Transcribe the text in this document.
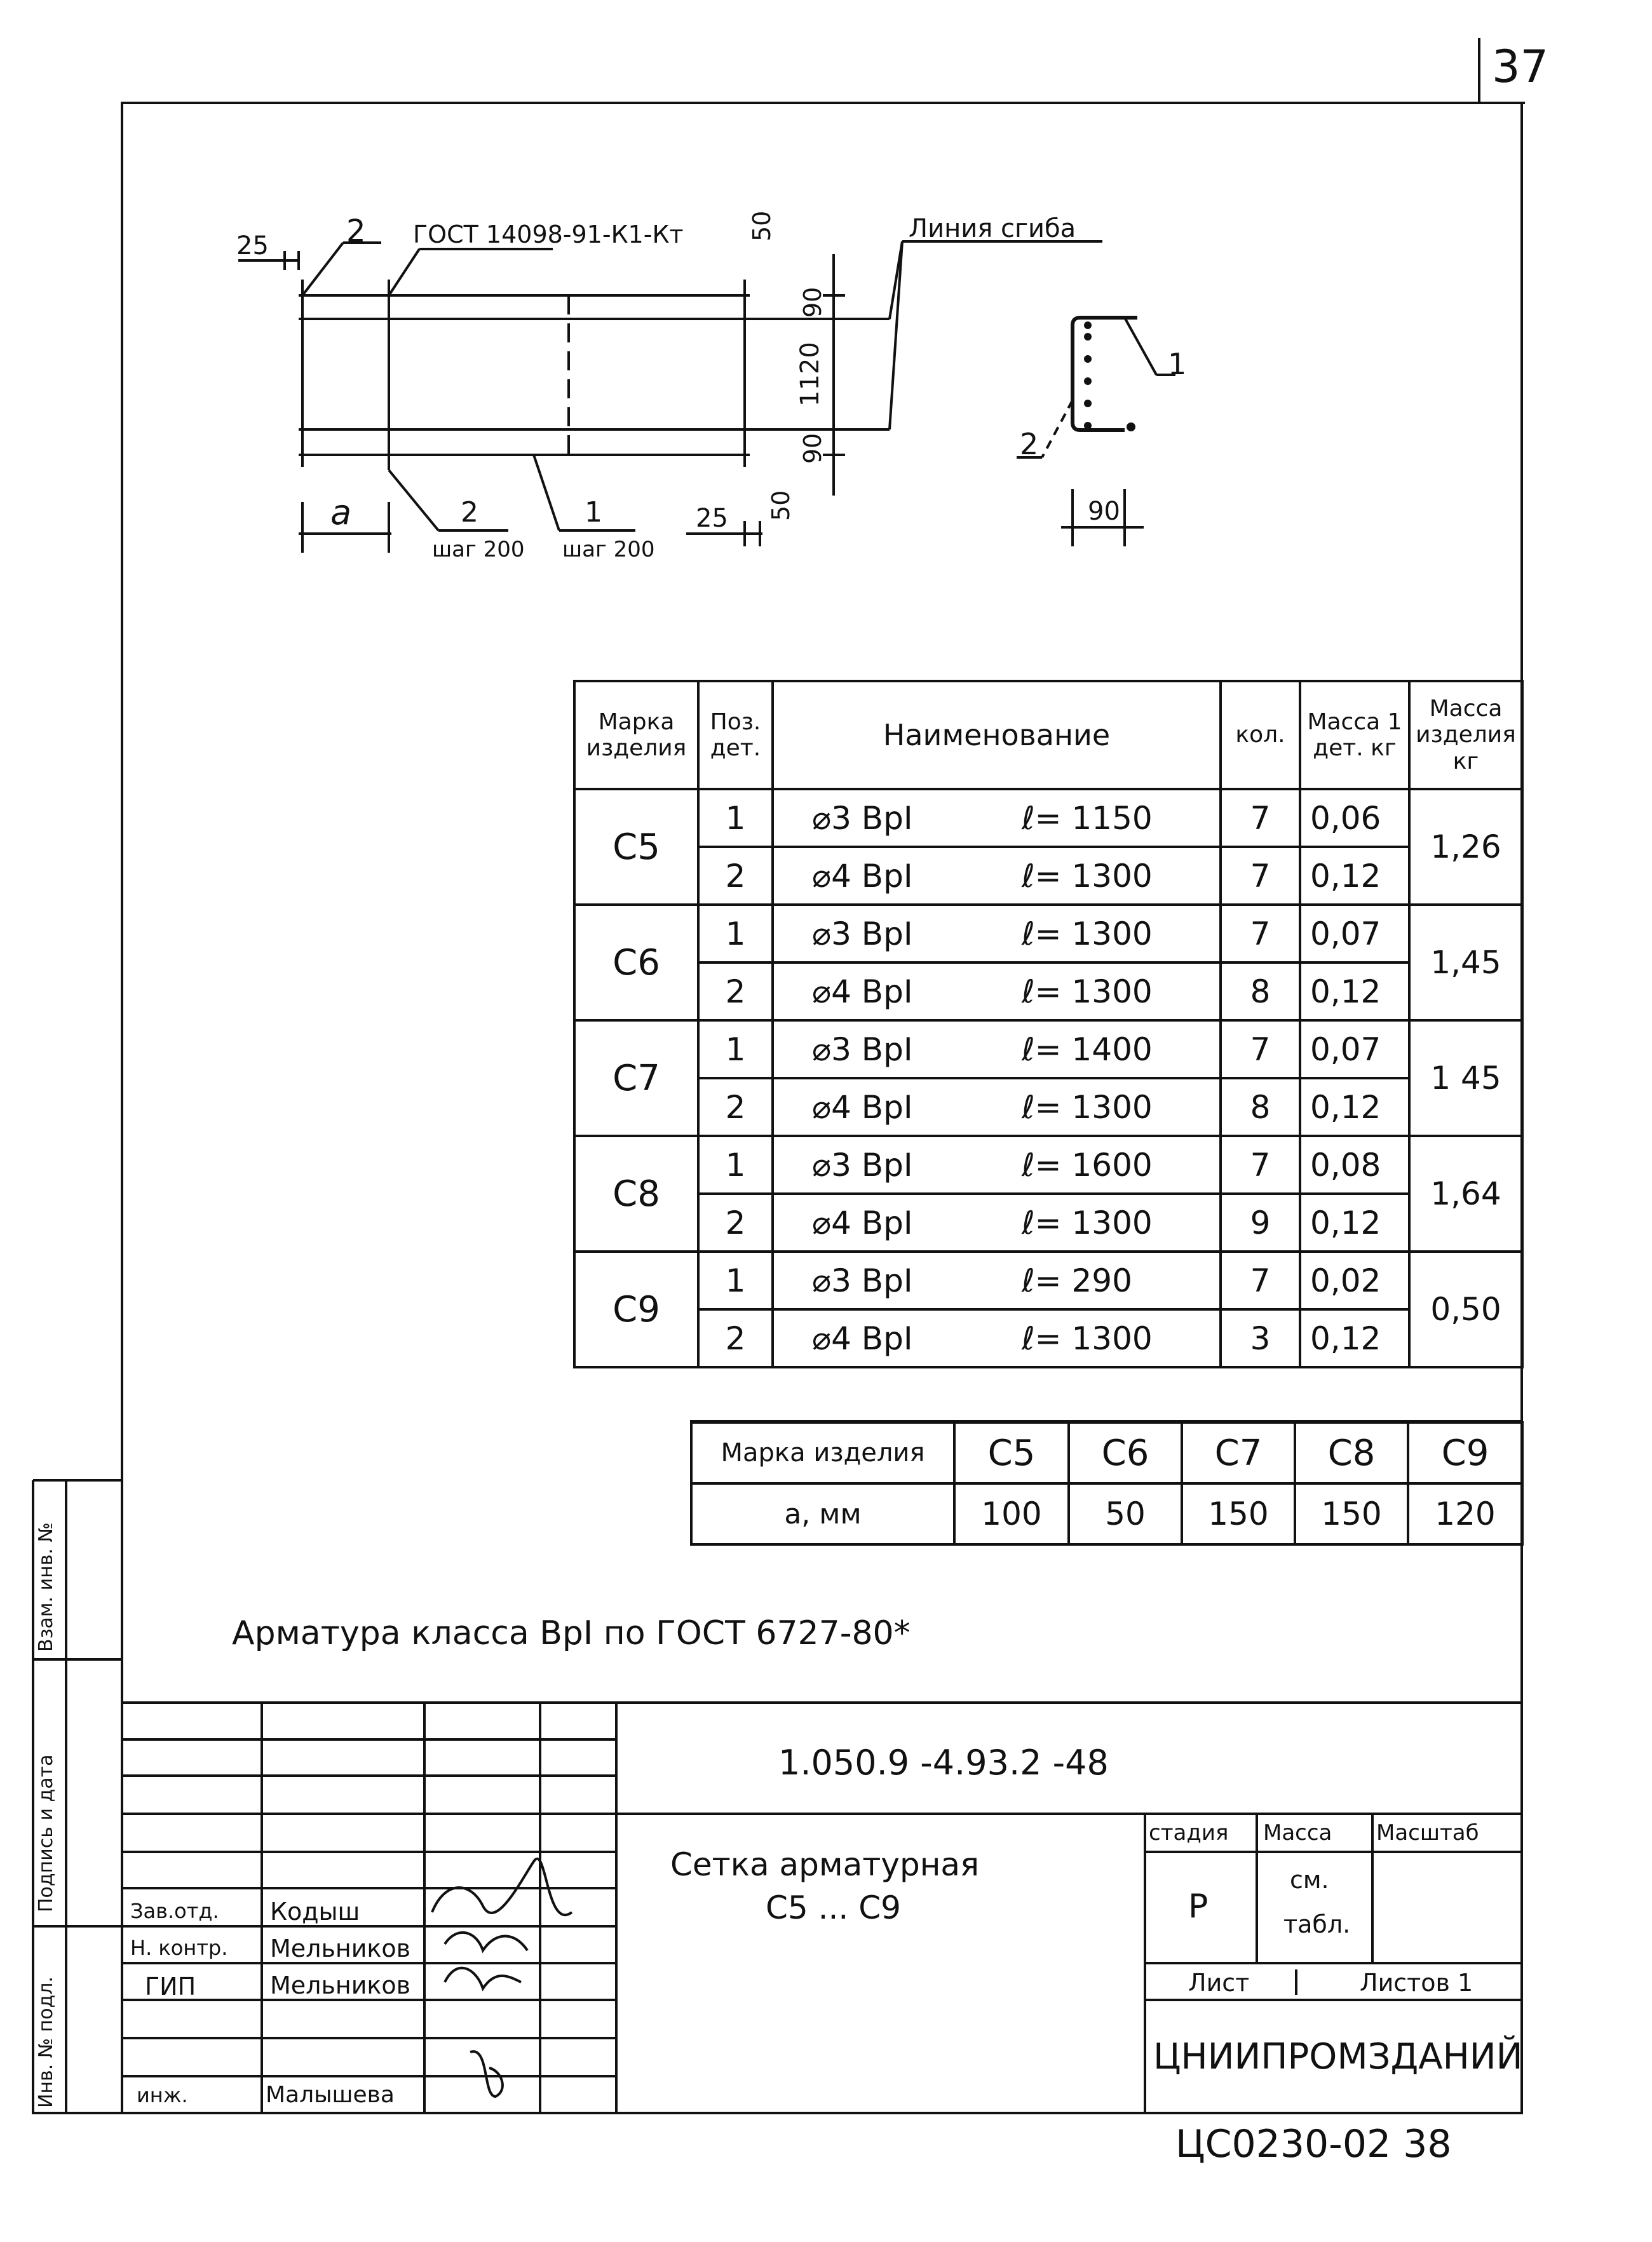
37
25	2 ГОСТ 14098-91-К1-Кт	Линия сгиба
50
90
1120
90
50
a	2
шаг 200
1
шаг 200
25
1
2
90
Марка изделия	Поз. дет.	Наименование	кол.	Масса 1 дет. кг	Масса изделия кг
С5	1	⌀3 ВрI ℓ= 1150	7	0,06	1,26
	2	⌀4 ВрI ℓ= 1300	7	0,12	
С6	1	⌀3 ВрI ℓ= 1300	7	0,07	1,45
	2	⌀4 ВрI ℓ= 1300	8	0,12	
С7	1	⌀3 ВрI ℓ= 1400	7	0,07	1 45
	2	⌀4 ВрI ℓ= 1300	8	0,12	
С8	1	⌀3 ВрI ℓ= 1600	7	0,08	1,64
	2	⌀4 ВрI ℓ= 1300	9	0,12	
С9	1	⌀3 ВрI ℓ= 290	7	0,02	0,50
	2	⌀4 ВрI ℓ= 1300	3	0,12	
Марка изделия	С5	С6	С7	С8	С9
a, мм	100	50	150	150	120
Арматура класса ВрI по ГОСТ 6727-80*
Взам. инв. №
Подпись и дата
Инв. № подл.
1.050.9 -4.93.2 -48
Сетка арматурная
С5 ... С9
стадия Масса Масштаб
Р
см.
табл.
Лист	Листов 1
ЦНИИПРОМЗДАНИЙ
Зав.отд. Кодыш
Н. контр. Мельников
ГИП	Мельников
инж.	Малышева
ЦС0230-02 38
